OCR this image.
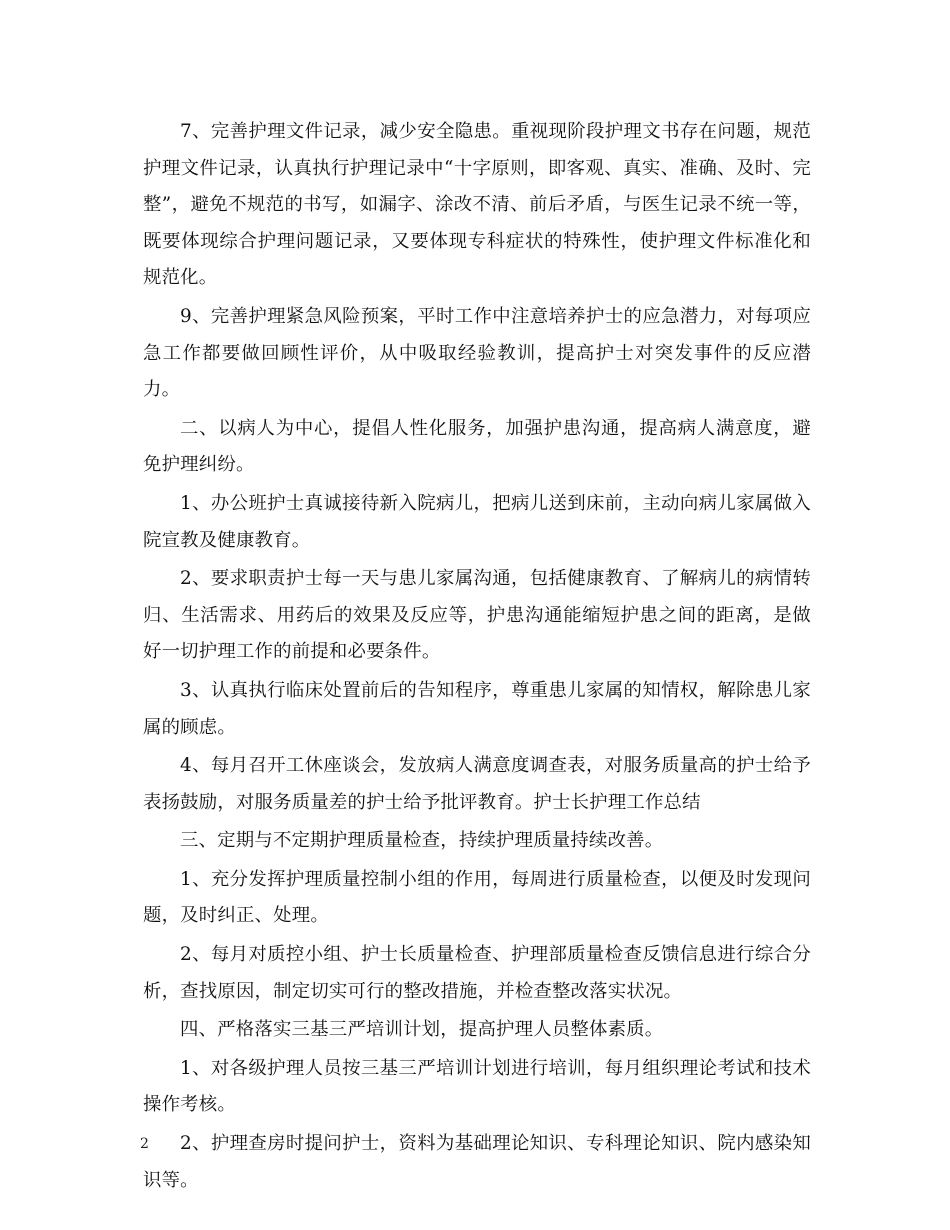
7、完善护理文件记录，减少安全隐患。重视现阶段护理文书存在问题，规范护理文件记录，认真执行护理记录中“十字原则，即客观、真实、准确、及时、完整”，避免不规范的书写，如漏字、涂改不清、前后矛盾，与医生记录不统一等，既要体现综合护理问题记录，又要体现专科症状的特殊性，使护理文件标准化和规范化。

9、完善护理紧急风险预案，平时工作中注意培养护士的应急潜力，对每项应急工作都要做回顾性评价，从中吸取经验教训，提高护士对突发事件的反应潜力。

二、以病人为中心，提倡人性化服务，加强护患沟通，提高病人满意度，避免护理纠纷。

1、办公班护士真诚接待新入院病儿，把病儿送到床前，主动向病儿家属做入院宣教及健康教育。

2、要求职责护士每一天与患儿家属沟通，包括健康教育、了解病儿的病情转归、生活需求、用药后的效果及反应等，护患沟通能缩短护患之间的距离，是做好一切护理工作的前提和必要条件。

3、认真执行临床处置前后的告知程序，尊重患儿家属的知情权，解除患儿家属的顾虑。

4、每月召开工休座谈会，发放病人满意度调查表，对服务质量高的护士给予表扬鼓励，对服务质量差的护士给予批评教育。护士长护理工作总结

三、定期与不定期护理质量检查，持续护理质量持续改善。

1、充分发挥护理质量控制小组的作用，每周进行质量检查，以便及时发现问题，及时纠正、处理。

2、每月对质控小组、护士长质量检查、护理部质量检查反馈信息进行综合分析，查找原因，制定切实可行的整改措施，并检查整改落实状况。

四、严格落实三基三严培训计划，提高护理人员整体素质。

1、对各级护理人员按三基三严培训计划进行培训，每月组织理论考试和技术操作考核。

2、护理查房时提问护士，资料为基础理论知识、专科理论知识、院内感染知识等。

2
